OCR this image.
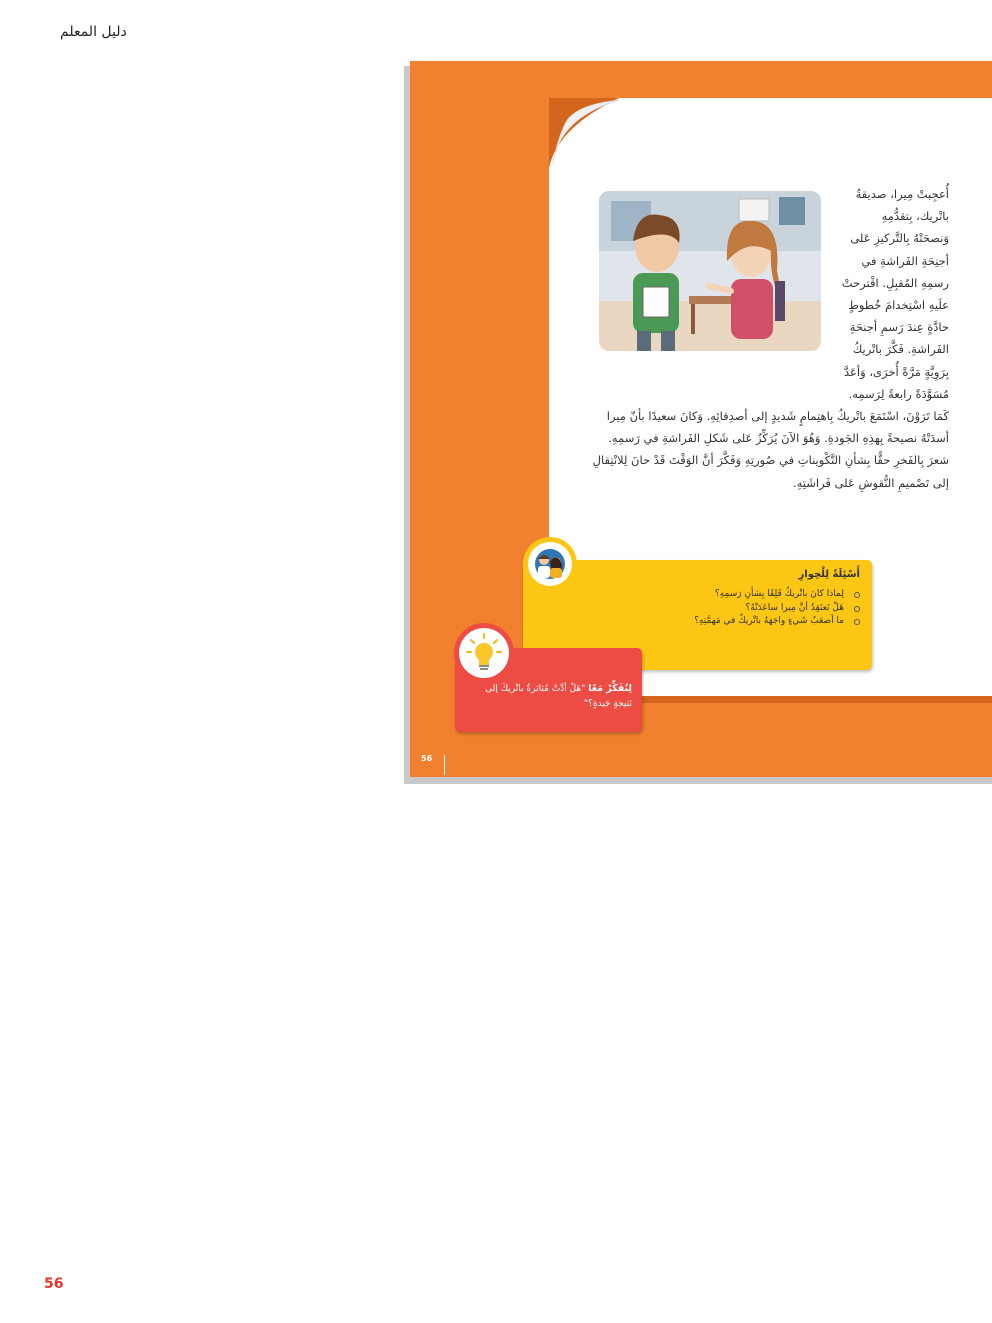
دليل المعلم
أُعجِبتْ مِيرا، صديقةُ
باتْريك، بِتقدُّمِهِ
وَنصحَتْهُ بِالتَّركيزِ عَلى
أجنِحَةِ الفَراشةِ في
رسمِهِ المُقبِلِ. اقْترحتْ
علَيهِ اسْتِخدامَ خُطوطٍ
حادَّةٍ عِندَ رَسمِ أجنحَةِ
الفَراشةِ. فَكَّرَ باتْريكُ
بِرَوِيَّةٍ مَرَّةً أُخرَى، وَأعَدَّ
مُسَوَّدَةً رابعةً لِرَسمِه.

كَمَا تَرَوْنَ، اسْتَمَعَ باتْريكُ بِاهتِمامٍ شَديدٍ إلى أصدِقائِهِ. وَكانَ سعيدًا بأنّ مِيرا أسدَتْهُ نصيحةً بِهذِهِ الجَودةِ. وَهُوَ الآنَ يُرَكِّزُ عَلى شَكلِ الفَراشةِ في رَسمِهِ.

شعرَ بِالفَخرِ حقًّا بِشأنِ التَّكْويناتِ في صُورتِهِ وَفَكَّرَ أنَّ الوَقْتَ قَدْ حانَ لِلانْتِقالِ إلى تَصْميمِ النُّقوشِ عَلى فَراشَتِهِ.

أَسْئِلَةٌ لِلْحِوارِ
لِماذا كانَ باتْريكُ قَلِقًا بِشأنِ رَسمِهِ؟
هَلْ تَعتَقِدُ أنَّ مِيرا ساعَدَتْهُ؟
ما أصعَبُ شَيءٍ واجَهَهُ باتْريكُ في مَهمَّتِهِ؟
لِنُفَكِّرْ مَعًا "هَلْ أدَّتْ مُثابَرةُ باتْريكَ إلى نَتيجةٍ جَيدةٍ؟"
56
56
